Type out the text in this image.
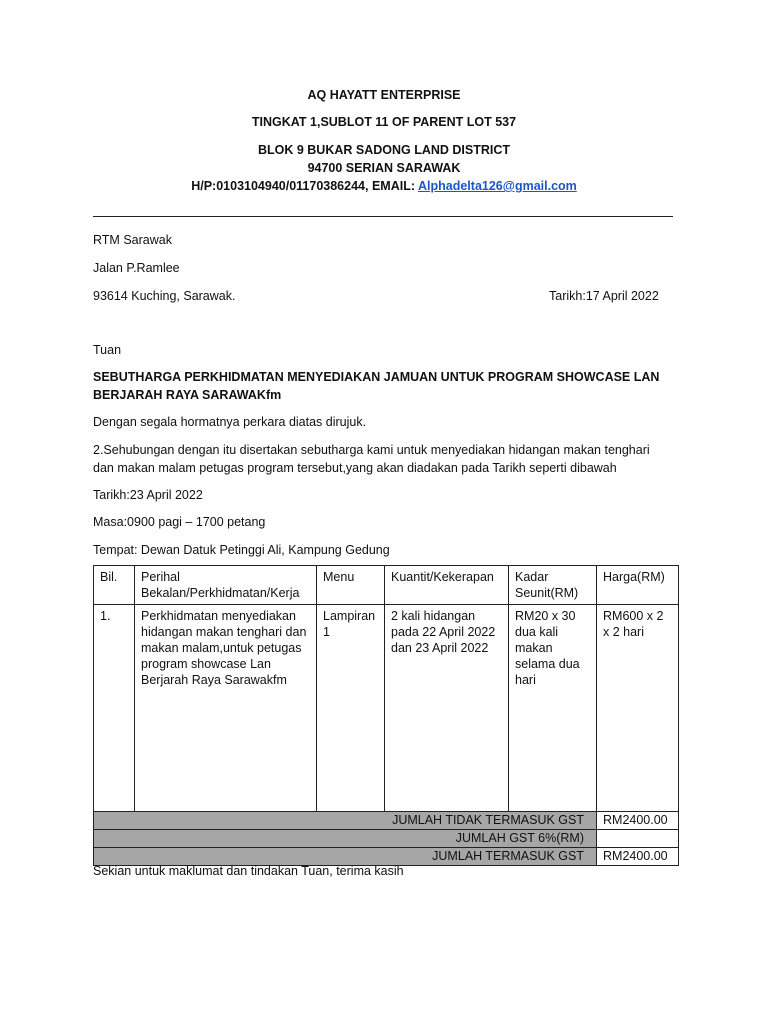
AQ HAYATT ENTERPRISE
TINGKAT 1,SUBLOT 11 OF PARENT LOT 537
BLOK 9 BUKAR SADONG LAND DISTRICT
94700 SERIAN SARAWAK
H/P:0103104940/01170386244, EMAIL: Alphadelta126@gmail.com
RTM Sarawak
Jalan P.Ramlee
93614 Kuching, Sarawak.	Tarikh:17 April 2022
Tuan
SEBUTHARGA PERKHIDMATAN MENYEDIAKAN JAMUAN UNTUK PROGRAM SHOWCASE LAN
BERJARAH RAYA SARAWAKfm
Dengan segala hormatnya perkara diatas dirujuk.
2.Sehubungan dengan itu disertakan sebutharga kami untuk menyediakan hidangan makan tenghari
dan makan malam petugas program tersebut,yang akan diadakan pada Tarikh seperti dibawah
Tarikh:23 April 2022
Masa:0900 pagi – 1700 petang
Tempat: Dewan Datuk Petinggi Ali, Kampung Gedung
Bil.	Perihal Bekalan/Perkhidmatan/Kerja	Menu	Kuantit/Kekerapan	Kadar Seunit(RM)	Harga(RM)
1.	Perkhidmatan menyediakan hidangan makan tenghari dan makan malam,untuk petugas program showcase Lan Berjarah Raya Sarawakfm	Lampiran 1	2 kali hidangan pada 22 April 2022 dan 23 April 2022	RM20 x 30 dua kali makan selama dua hari	RM600 x 2 x 2 hari
JUMLAH TIDAK TERMASUK GST					RM2400.00
JUMLAH GST 6%(RM)					
JUMLAH TERMASUK GST					RM2400.00
Sekian untuk maklumat dan tindakan Tuan, terima kasih
